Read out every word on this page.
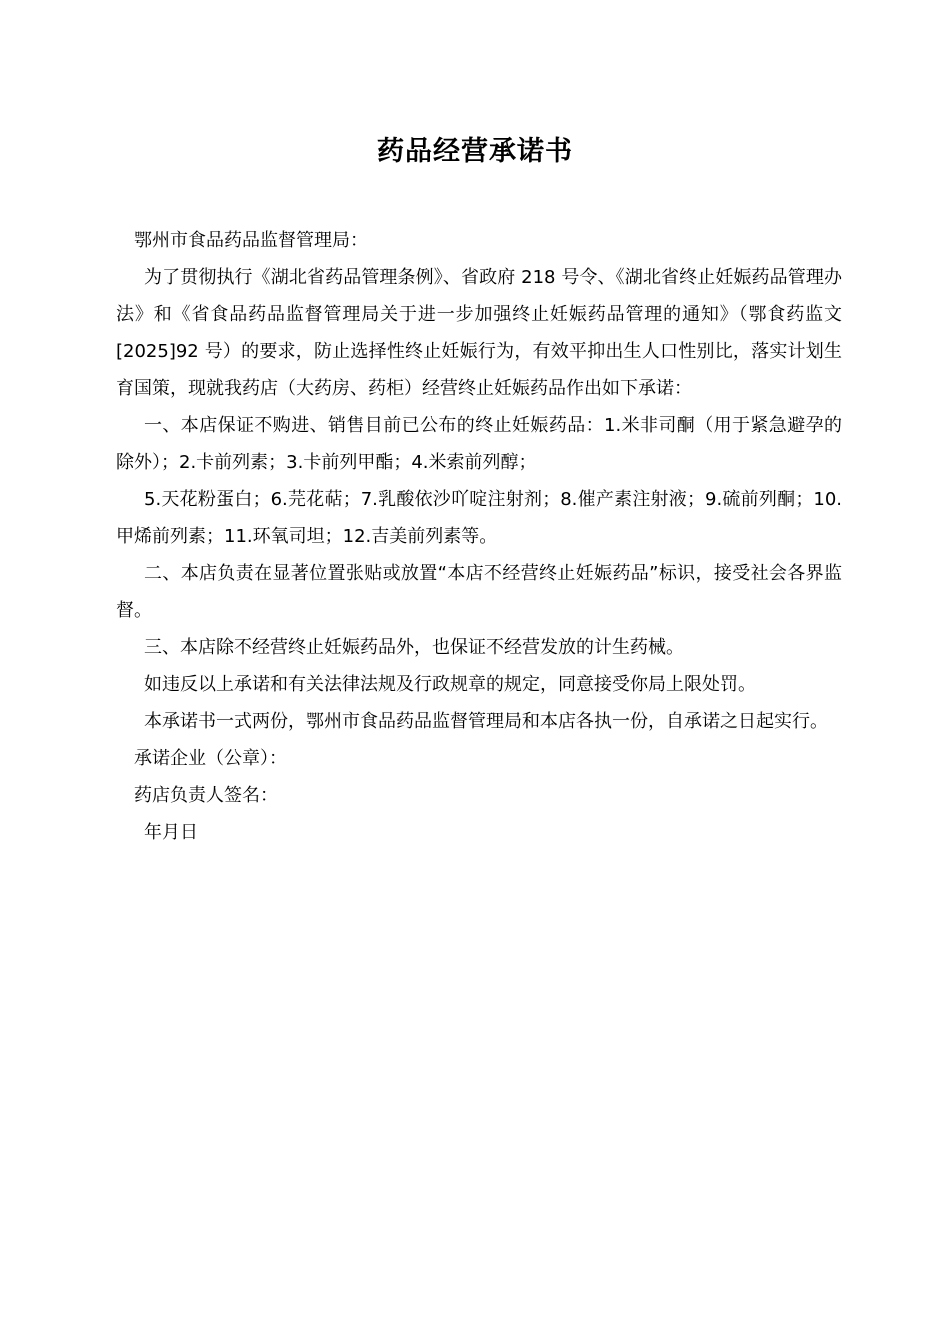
药品经营承诺书

鄂州市食品药品监督管理局：

为了贯彻执行《湖北省药品管理条例》、省政府 218 号令、《湖北省终止妊娠药品管理办法》和《省食品药品监督管理局关于进一步加强终止妊娠药品管理的通知》（鄂食药监文[2025]92 号）的要求，防止选择性终止妊娠行为，有效平抑出生人口性别比，落实计划生育国策，现就我药店（大药房、药柜）经营终止妊娠药品作出如下承诺：

一、本店保证不购进、销售目前已公布的终止妊娠药品：1.米非司酮（用于紧急避孕的除外）；2.卡前列素；3.卡前列甲酯；4.米索前列醇；

5.天花粉蛋白；6.芫花萜；7.乳酸依沙吖啶注射剂；8.催产素注射液；9.硫前列酮；10.甲烯前列素；11.环氧司坦；12.吉美前列素等。

二、本店负责在显著位置张贴或放置“本店不经营终止妊娠药品”标识，接受社会各界监督。

三、本店除不经营终止妊娠药品外，也保证不经营发放的计生药械。

如违反以上承诺和有关法律法规及行政规章的规定，同意接受你局上限处罚。

本承诺书一式两份，鄂州市食品药品监督管理局和本店各执一份，自承诺之日起实行。

承诺企业（公章）：

药店负责人签名：

年月日
